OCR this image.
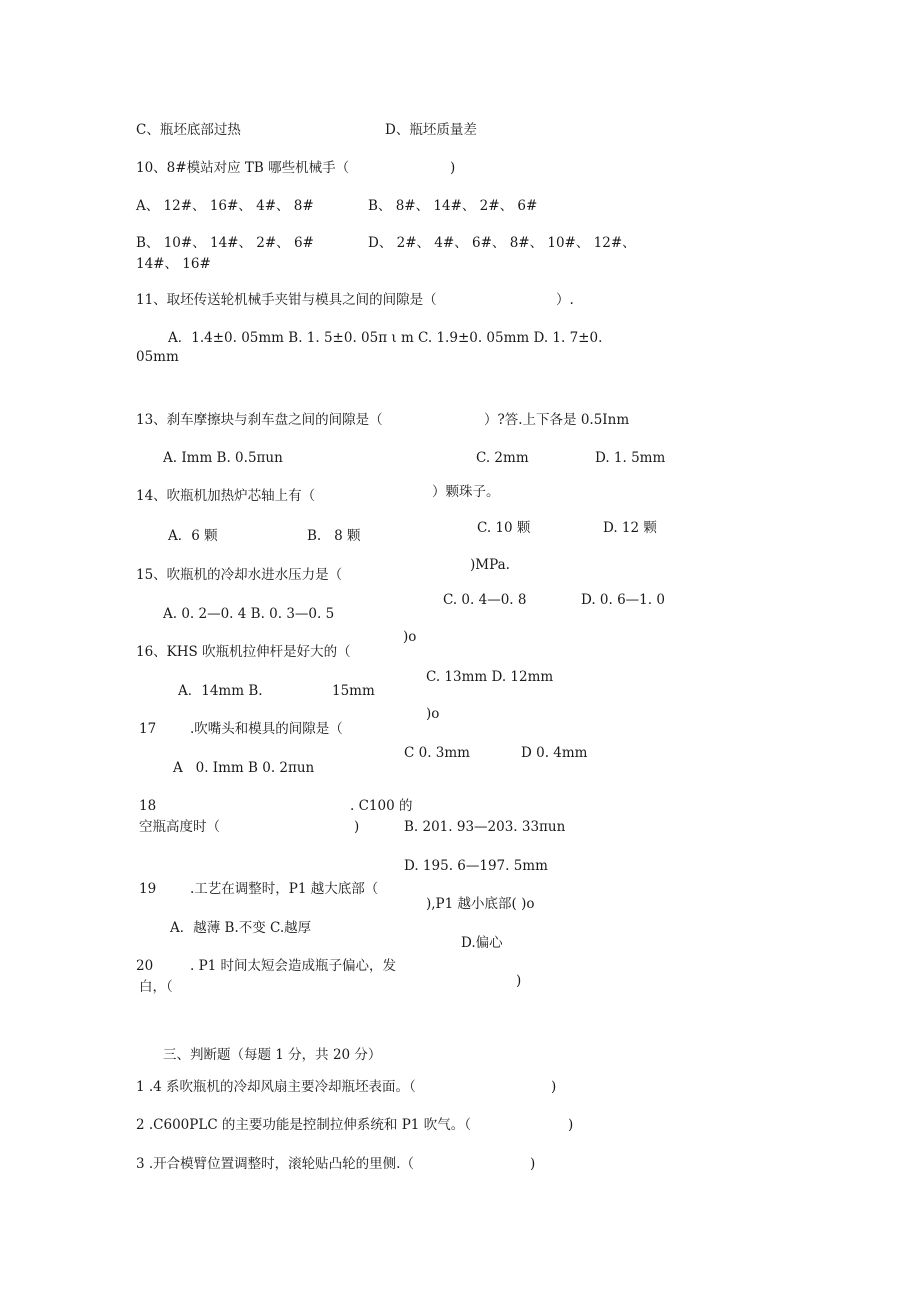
C、瓶坯底部过热	D、瓶坯质量差
10、8#模站对应 TB 哪些机械手（	)
A、 12#、 16#、 4#、 8#	B、 8#、 14#、 2#、 6#
B、 10#、 14#、 2#、 6#	D、 2#、 4#、 6#、 8#、 10#、 12#、
14#、 16#
11、取坯传送轮机械手夹钳与模具之间的间隙是（	）.
A．1.4±0. 05mm B. 1. 5±0. 05π ι m C. 1.9±0. 05mm D. 1. 7±0.
05mm

13、刹车摩擦块与刹车盘之间的间隙是（	）?答.上下各是 0.5Inm
A. Imm B. 0.5πun	C. 2mm	D. 1. 5mm
14、吹瓶机加热炉芯轴上有（	）颗珠子。
A．6 颗	B.   8 颗	C. 10 颗	D. 12 颗
)MPa.
15、吹瓶机的冷却水进水压力是（
C. 0. 4—0. 8	D. 0. 6—1. 0
A. 0. 2—0. 4 B. 0. 3—0. 5
)o
16、KHS 吹瓶机拉伸杆是好大的（
C. 13mm D. 12mm
A．14mm B.	15mm
)o
17	.吹嘴头和模具的间隙是（
C 0. 3mm	D 0. 4mm
A   0. Imm B 0. 2πun
18	. C100 的
空瓶高度时（	)	B. 201. 93—203. 33πun

D. 195. 6—197. 5mm
19	.工艺在调整时，P1 越大底部（
),P1 越小底部( )o
A．越薄 B.不变 C.越厚
D.偏心
20	. P1 时间太短会造成瓶子偏心，发
白，（	)
三、判断题（每题 1 分，共 20 分）
1 .4 系吹瓶机的冷却风扇主要冷却瓶坯表面。（	)
2 .C600PLC 的主要功能是控制拉伸系统和 P1 吹气。（	)
3 .开合模臂位置调整时，滚轮贴凸轮的里侧.（	)
